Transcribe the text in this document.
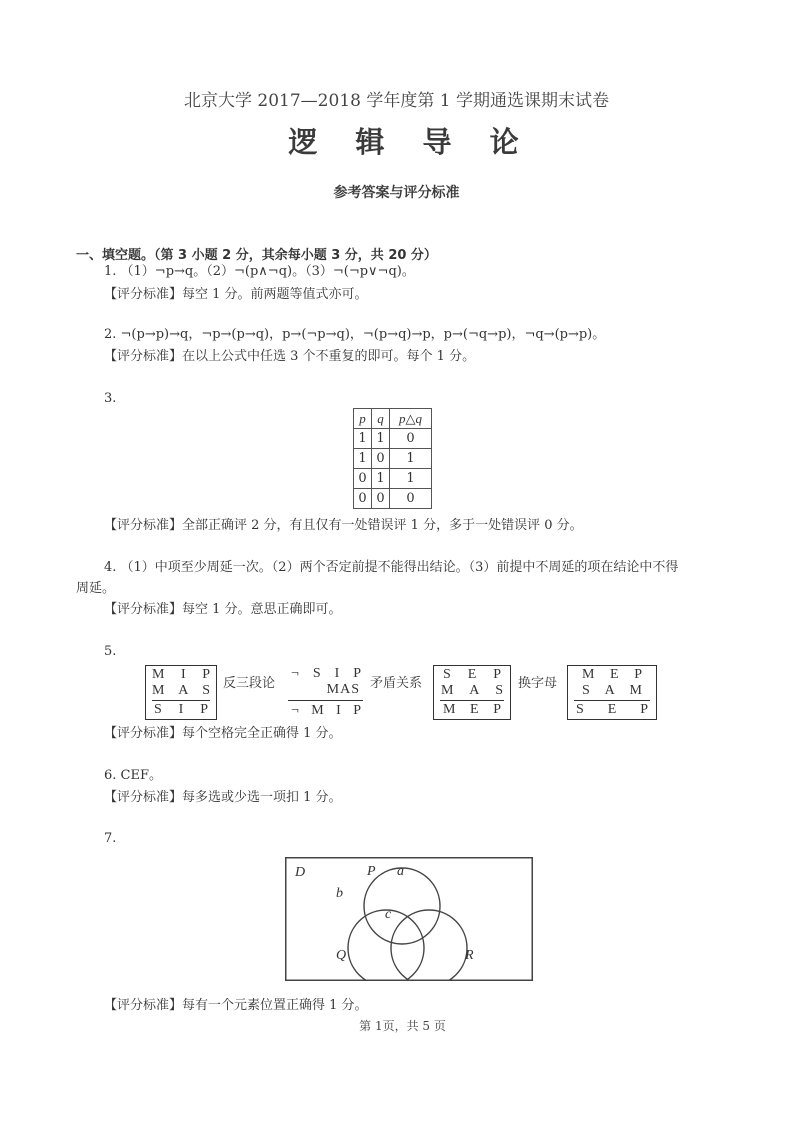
北京大学 2017—2018 学年度第 1 学期通选课期末试卷
逻 辑 导 论
参考答案与评分标准
一、填空题。（第 3 小题 2 分，其余每小题 3 分，共 20 分）
1. （1）¬p→q。（2）¬(p∧¬q)。（3）¬(¬p∨¬q)。
【评分标准】每空 1 分。前两题等值式亦可。
2. ¬(p→p)→q，¬p→(p→q)，p→(¬p→q)，¬(p→q)→p，p→(¬q→p)，¬q→(p→p)。
【评分标准】在以上公式中任选 3 个不重复的即可。每个 1 分。
3.
p	q	p△q
1	1	0
1	0	1
0	1	1
0	0	0
【评分标准】全部正确评 2 分，有且仅有一处错误评 1 分，多于一处错误评 0 分。
4. （1）中项至少周延一次。（2）两个否定前提不能得出结论。（3）前提中不周延的项在结论中不得
周延。
【评分标准】每空 1 分。意思正确即可。
5.
M I P
M A S
S I P
反三段论
¬ S I P
MAS
¬ M I P
矛盾关系
S E P
M A S
M E P
换字母
M E P
S A M
S E P
【评分标准】每个空格完全正确得 1 分。
6. CEF。
【评分标准】每多选或少选一项扣 1 分。
7.
D	P a
b
c
Q	R
【评分标准】每有一个元素位置正确得 1 分。
第 1页，共 5 页
